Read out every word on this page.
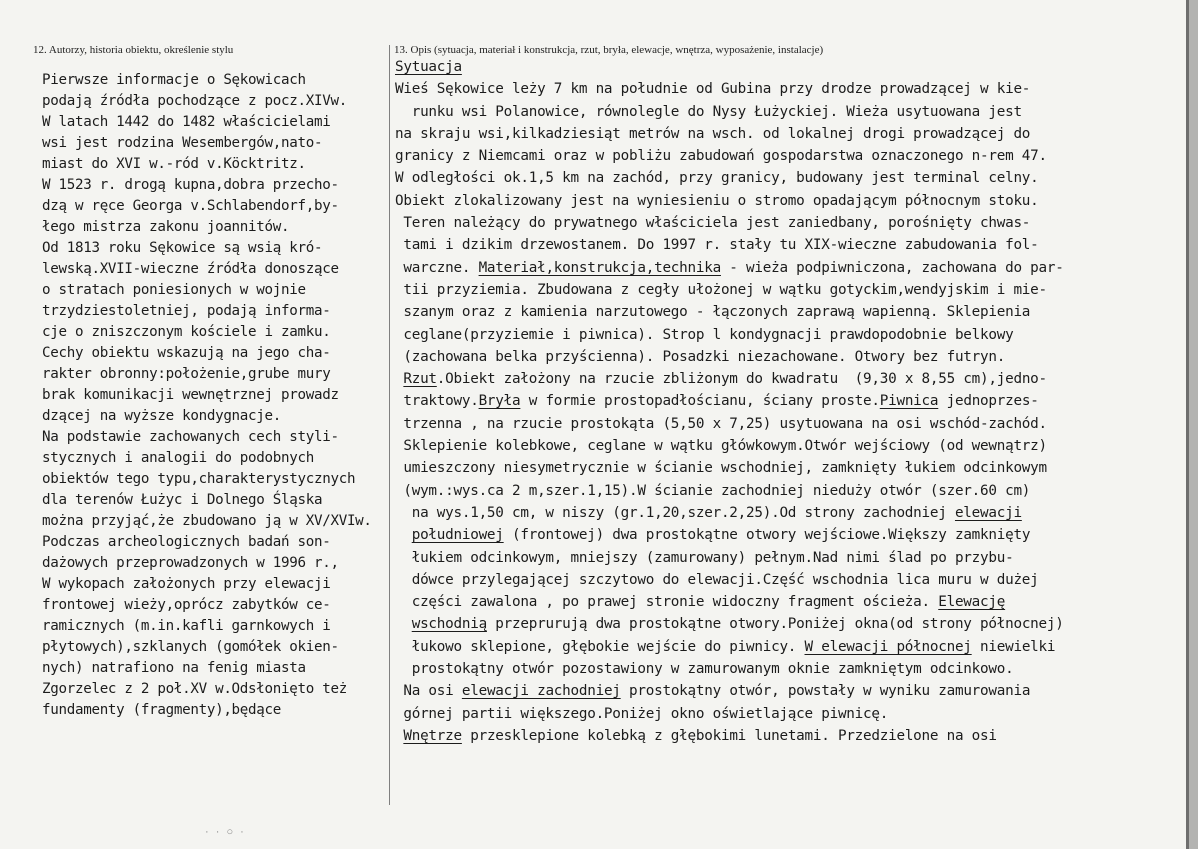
· · ○ ·
12. Autorzy, historia obiektu, określenie stylu	13. Opis (sytuacja, materiał i konstrukcja, rzut, bryła, elewacje, wnętrza, wyposażenie, instalacje)
Pierwsze informacje o Sękowicach
podają źródła pochodzące z pocz.XIVw.
W latach 1442 do 1482 właścicielami
wsi jest rodzina Wesembergów,nato-
miast do XVI w.-ród v.Köcktritz.
W 1523 r. drogą kupna,dobra przecho-
dzą w ręce Georga v.Schlabendorf,by-
łego mistrza zakonu joannitów.
Od 1813 roku Sękowice są wsią kró-
lewską.XVII-wieczne źródła donoszące
o stratach poniesionych w wojnie
trzydziestoletniej, podają informa-
cje o zniszczonym kościele i zamku.
Cechy obiektu wskazują na jego cha-
rakter obronny:położenie,grube mury
brak komunikacji wewnętrznej prowadz
dzącej na wyższe kondygnacje.
Na podstawie zachowanych cech styli-
stycznych i analogii do podobnych
obiektów tego typu,charakterystycznych
dla terenów Łużyc i Dolnego Śląska
można przyjąć,że zbudowano ją w XV/XVIw.
Podczas archeologicznych badań son-
dażowych przeprowadzonych w 1996 r.,
W wykopach założonych przy elewacji
frontowej wieży,oprócz zabytków ce-
ramicznych (m.in.kafli garnkowych i
płytowych),szklanych (gomółek okien-
nych) natrafiono na fenig miasta
Zgorzelec z 2 poł.XV w.Odsłonięto też
fundamenty (fragmenty),będące
Sytuacja
Wieś Sękowice leży 7 km na południe od Gubina przy drodze prowadzącej w kie-
runku wsi Polanowice, równolegle do Nysy Łużyckiej. Wieża usytuowana jest
na skraju wsi,kilkadziesiąt metrów na wsch. od lokalnej drogi prowadzącej do
granicy z Niemcami oraz w pobliżu zabudowań gospodarstwa oznaczonego n-rem 47.
W odległości ok.1,5 km na zachód, przy granicy, budowany jest terminal celny.
Obiekt zlokalizowany jest na wyniesieniu o stromo opadającym północnym stoku.
Teren należący do prywatnego właściciela jest zaniedbany, porośnięty chwas-
tami i dzikim drzewostanem. Do 1997 r. stały tu XIX-wieczne zabudowania fol-
warczne. Materiał,konstrukcja,technika - wieża podpiwniczona, zachowana do par-
tii przyziemia. Zbudowana z cegły ułożonej w wątku gotyckim,wendyjskim i mie-
szanym oraz z kamienia narzutowego - łączonych zaprawą wapienną. Sklepienia
ceglane(przyziemie i piwnica). Strop l kondygnacji prawdopodobnie belkowy
(zachowana belka przyścienna). Posadzki niezachowane. Otwory bez futryn.
Rzut.Obiekt założony na rzucie zbliżonym do kwadratu  (9,30 x 8,55 cm),jedno-
traktowy.Bryła w formie prostopadłościanu, ściany proste.Piwnica jednoprzes-
trzenna , na rzucie prostokąta (5,50 x 7,25) usytuowana na osi wschód-zachód.
Sklepienie kolebkowe, ceglane w wątku główkowym.Otwór wejściowy (od wewnątrz)
umieszczony niesymetrycznie w ścianie wschodniej, zamknięty łukiem odcinkowym
(wym.:wys.ca 2 m,szer.1,15).W ścianie zachodniej nieduży otwór (szer.60 cm)
na wys.1,50 cm, w niszy (gr.1,20,szer.2,25).Od strony zachodniej elewacji
południowej (frontowej) dwa prostokątne otwory wejściowe.Większy zamknięty
łukiem odcinkowym, mniejszy (zamurowany) pełnym.Nad nimi ślad po przybu-
dówce przylegającej szczytowo do elewacji.Część wschodnia lica muru w dużej
części zawalona , po prawej stronie widoczny fragment ościeża. Elewację
wschodnią przeprurują dwa prostokątne otwory.Poniżej okna(od strony północnej)
łukowo sklepione, głębokie wejście do piwnicy. W elewacji północnej niewielki
prostokątny otwór pozostawiony w zamurowanym oknie zamkniętym odcinkowo.
Na osi elewacji zachodniej prostokątny otwór, powstały w wyniku zamurowania
górnej partii większego.Poniżej okno oświetlające piwnicę.
Wnętrze przesklepione kolebką z głębokimi lunetami. Przedzielone na osi
